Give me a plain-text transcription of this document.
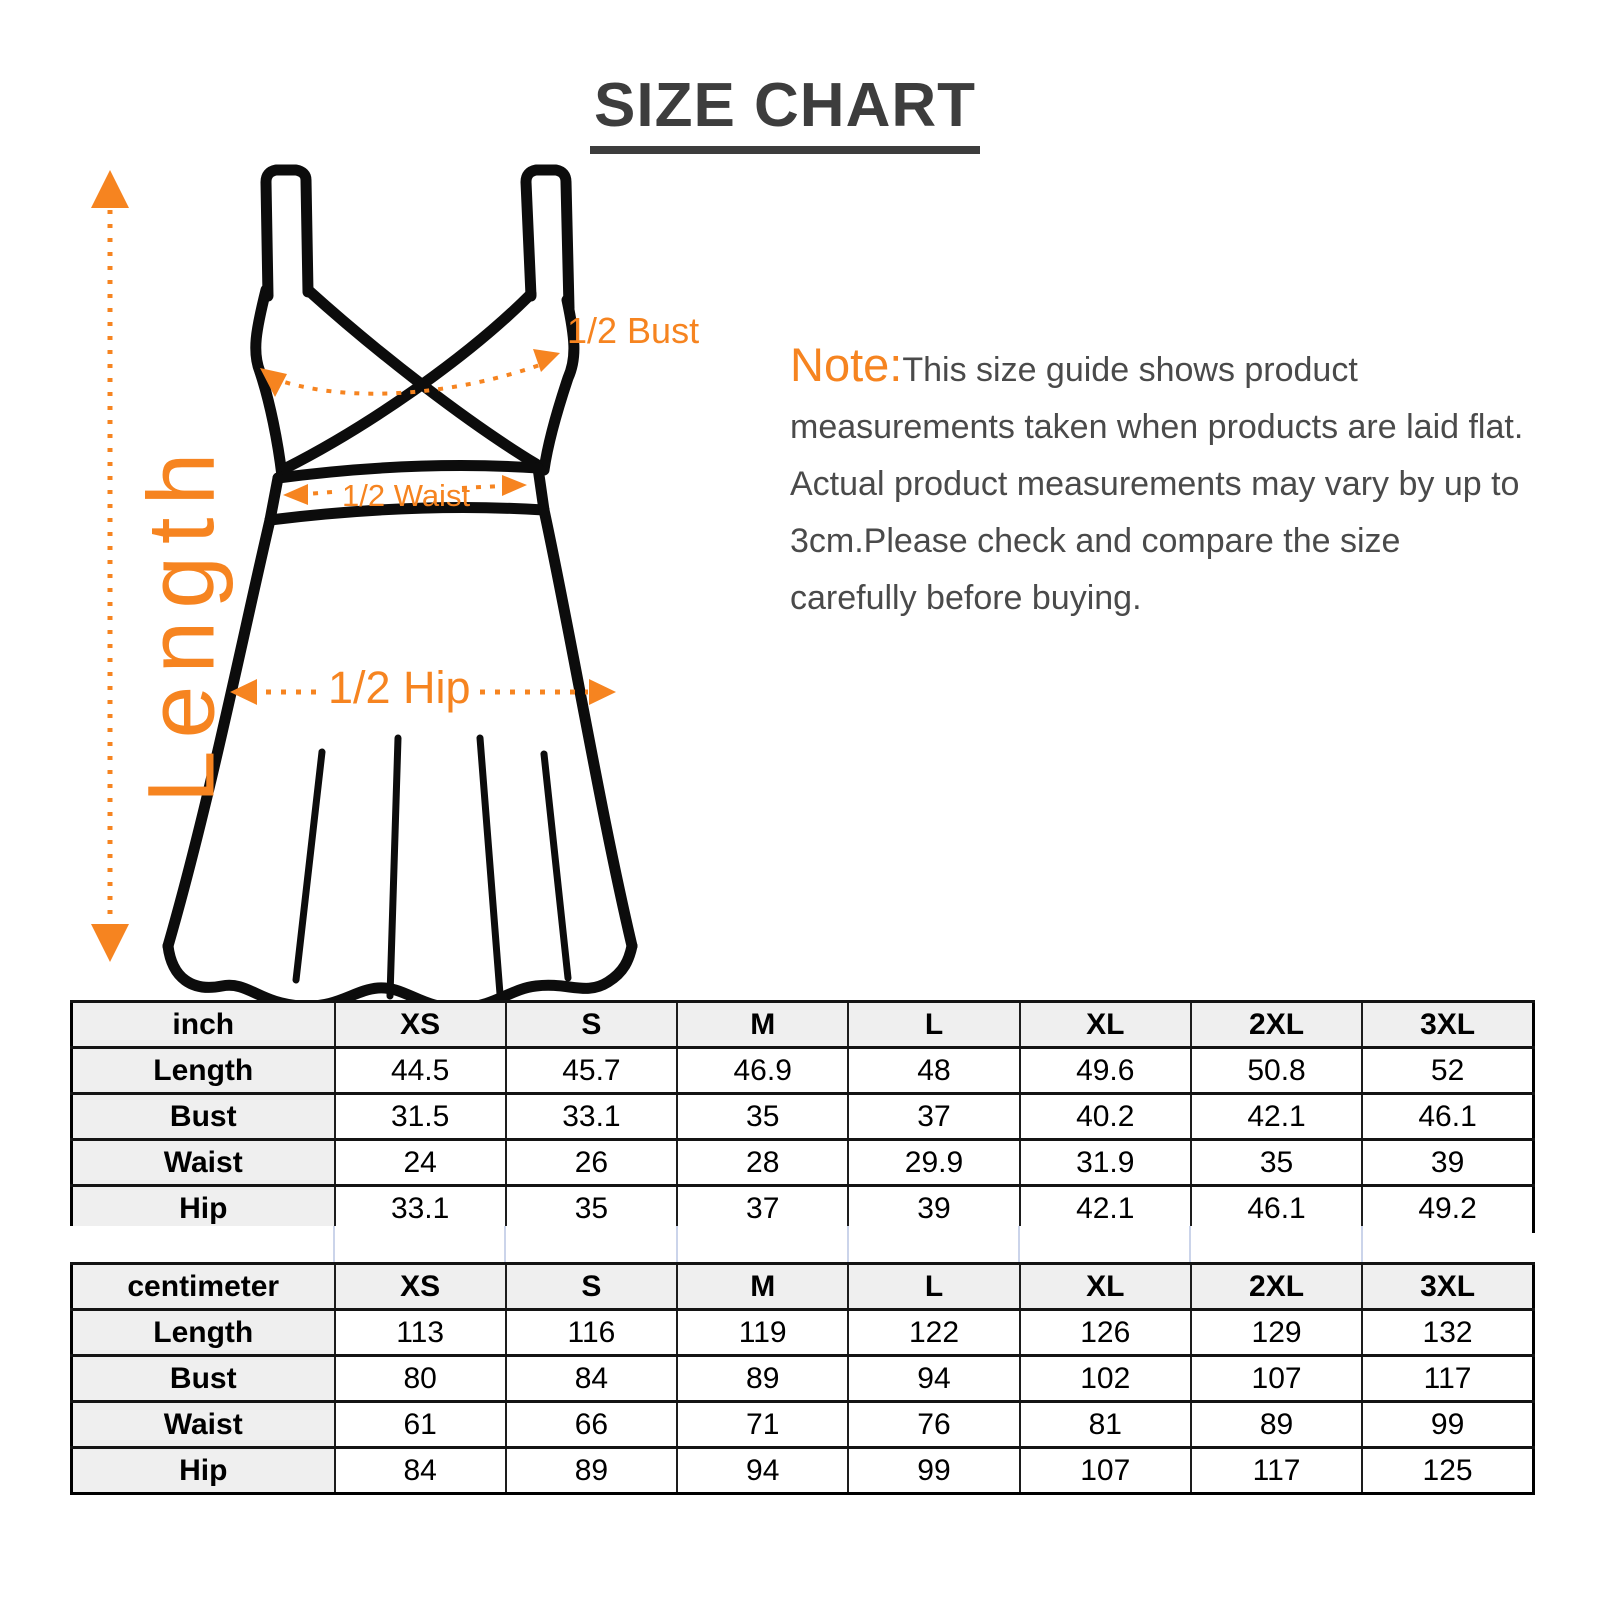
SIZE CHART
Length
1/2 Bust
1/2 Waist
1/2 Hip
Note:This size guide shows product measurements taken when products are laid flat. Actual product measurements may vary by up to 3cm.Please check and compare the size carefully before buying.
inch	XS	S	M	L	XL	2XL	3XL
Length	44.5	45.7	46.9	48	49.6	50.8	52
Bust	31.5	33.1	35	37	40.2	42.1	46.1
Waist	24	26	28	29.9	31.9	35	39
Hip	33.1	35	37	39	42.1	46.1	49.2
centimeter	XS	S	M	L	XL	2XL	3XL
Length	113	116	119	122	126	129	132
Bust	80	84	89	94	102	107	117
Waist	61	66	71	76	81	89	99
Hip	84	89	94	99	107	117	125
